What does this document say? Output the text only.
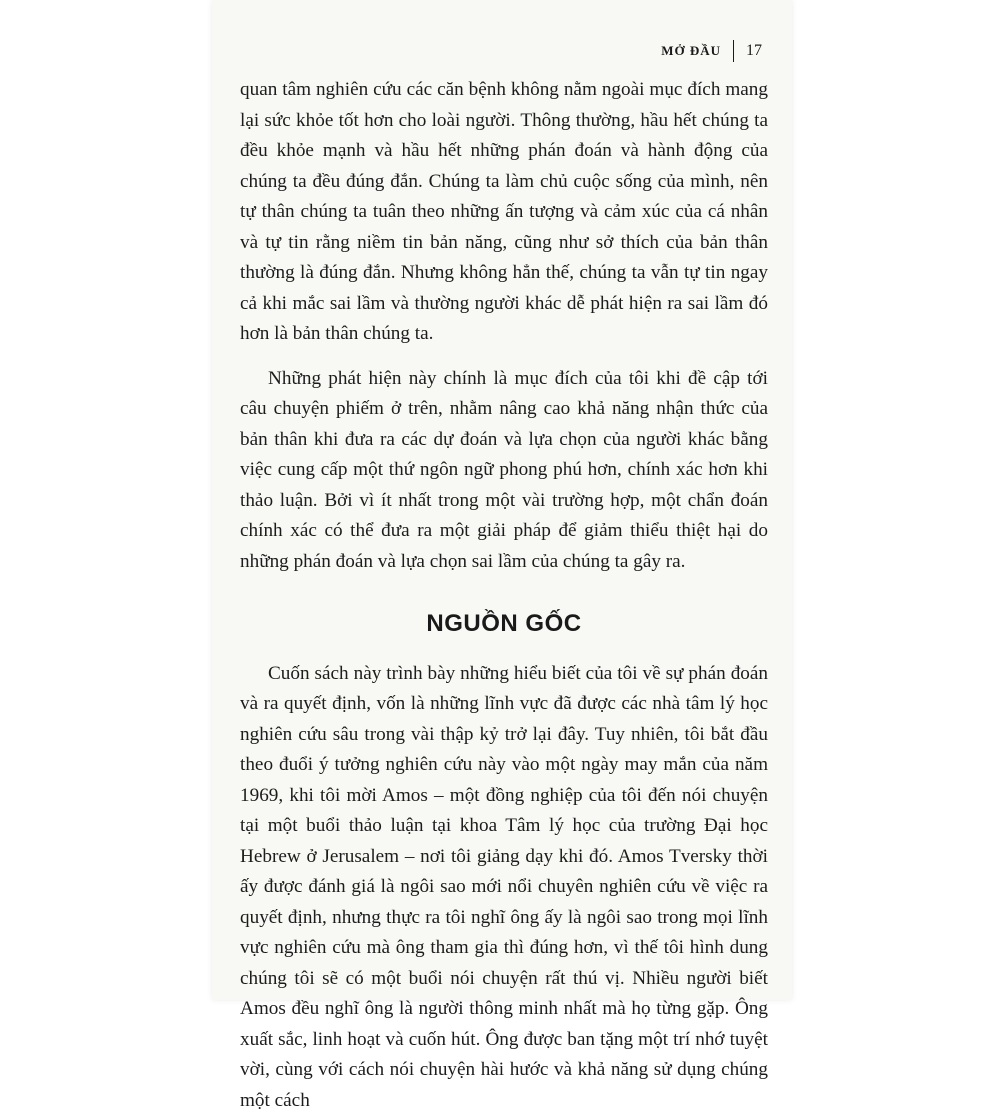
MỞ ĐẦU 17

quan tâm nghiên cứu các căn bệnh không nằm ngoài mục đích mang lại sức khỏe tốt hơn cho loài người. Thông thường, hầu hết chúng ta đều khỏe mạnh và hầu hết những phán đoán và hành động của chúng ta đều đúng đắn. Chúng ta làm chủ cuộc sống của mình, nên tự thân chúng ta tuân theo những ấn tượng và cảm xúc của cá nhân và tự tin rằng niềm tin bản năng, cũng như sở thích của bản thân thường là đúng đắn. Nhưng không hẳn thế, chúng ta vẫn tự tin ngay cả khi mắc sai lầm và thường người khác dễ phát hiện ra sai lầm đó hơn là bản thân chúng ta.

Những phát hiện này chính là mục đích của tôi khi đề cập tới câu chuyện phiếm ở trên, nhằm nâng cao khả năng nhận thức của bản thân khi đưa ra các dự đoán và lựa chọn của người khác bằng việc cung cấp một thứ ngôn ngữ phong phú hơn, chính xác hơn khi thảo luận. Bởi vì ít nhất trong một vài trường hợp, một chẩn đoán chính xác có thể đưa ra một giải pháp để giảm thiểu thiệt hại do những phán đoán và lựa chọn sai lầm của chúng ta gây ra.

NGUỒN GỐC

Cuốn sách này trình bày những hiểu biết của tôi về sự phán đoán và ra quyết định, vốn là những lĩnh vực đã được các nhà tâm lý học nghiên cứu sâu trong vài thập kỷ trở lại đây. Tuy nhiên, tôi bắt đầu theo đuổi ý tưởng nghiên cứu này vào một ngày may mắn của năm 1969, khi tôi mời Amos – một đồng nghiệp của tôi đến nói chuyện tại một buổi thảo luận tại khoa Tâm lý học của trường Đại học Hebrew ở Jerusalem – nơi tôi giảng dạy khi đó. Amos Tversky thời ấy được đánh giá là ngôi sao mới nổi chuyên nghiên cứu về việc ra quyết định, nhưng thực ra tôi nghĩ ông ấy là ngôi sao trong mọi lĩnh vực nghiên cứu mà ông tham gia thì đúng hơn, vì thế tôi hình dung chúng tôi sẽ có một buổi nói chuyện rất thú vị. Nhiều người biết Amos đều nghĩ ông là người thông minh nhất mà họ từng gặp. Ông xuất sắc, linh hoạt và cuốn hút. Ông được ban tặng một trí nhớ tuyệt vời, cùng với cách nói chuyện hài hước và khả năng sử dụng chúng một cách
